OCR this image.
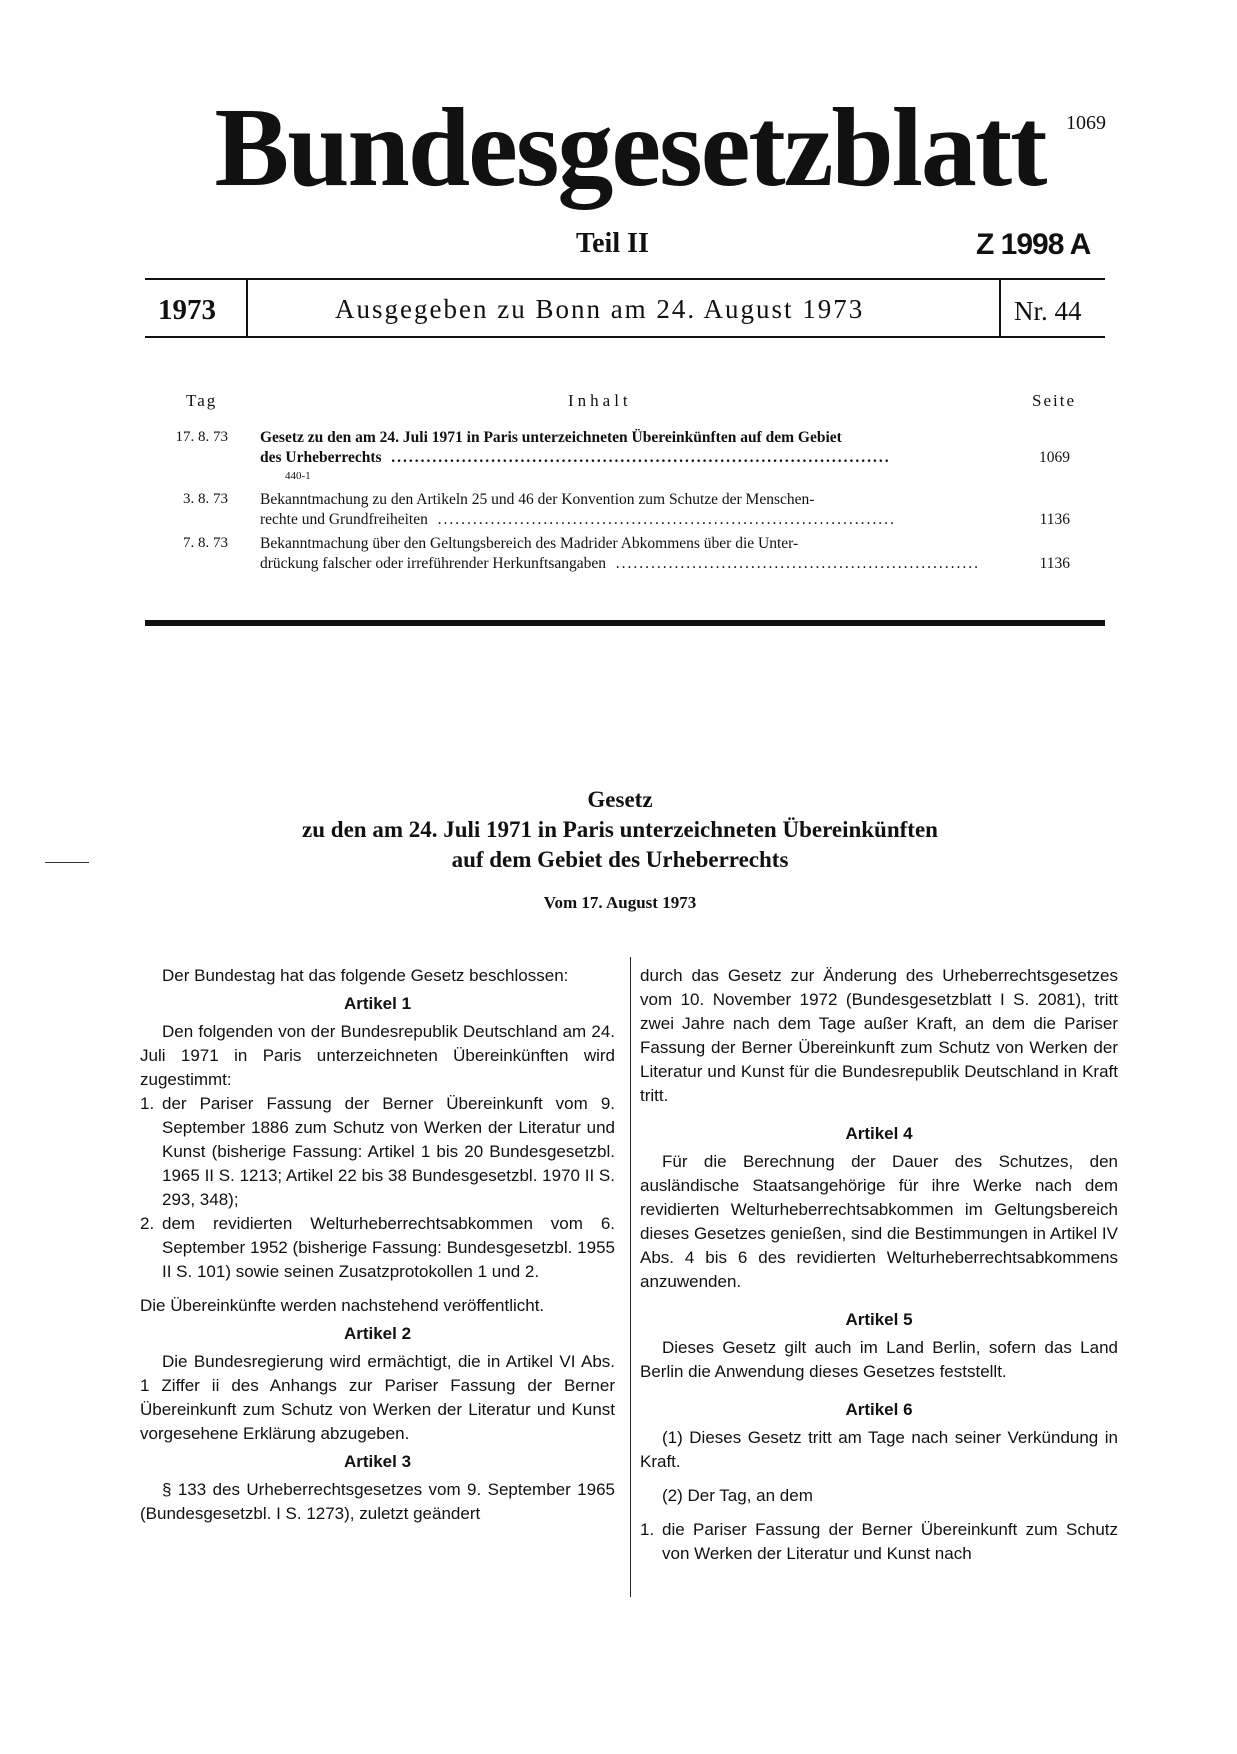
Bundesgesetzblatt	1069
Teil II	Z 1998 A
1973	Ausgegeben zu Bonn am 24. August 1973	Nr. 44
Tag	Inhalt	Seite
17. 8. 73 Gesetz zu den am 24. Juli 1971 in Paris unterzeichneten Übereinkünften auf dem Gebiet
des Urheberrechts  .....................................................................................	1069
440-1
3. 8. 73 Bekanntmachung zu den Artikeln 25 und 46 der Konvention zum Schutze der Menschen-
rechte und Grundfreiheiten  ..............................................................................	1136
7. 8. 73 Bekanntmachung über den Geltungsbereich des Madrider Abkommens über die Unter-
drückung falscher oder irreführender Herkunftsangaben  ..............................................................	1136
Gesetz
zu den am 24. Juli 1971 in Paris unterzeichneten Übereinkünften
auf dem Gebiet des Urheberrechts
Vom 17. August 1973

Der Bundestag hat das folgende Gesetz beschlossen:

Artikel 1

Den folgenden von der Bundesrepublik Deutschland am 24. Juli 1971 in Paris unterzeichneten Übereinkünften wird zugestimmt:

1. der Pariser Fassung der Berner Übereinkunft vom 9. September 1886 zum Schutz von Werken der Literatur und Kunst (bisherige Fassung: Artikel 1 bis 20 Bundesgesetzbl. 1965 II S. 1213; Artikel 22 bis 38 Bundesgesetzbl. 1970 II S. 293, 348);
2. dem revidierten Welturheberrechtsabkommen vom 6. September 1952 (bisherige Fassung: Bundesgesetzbl. 1955 II S. 101) sowie seinen Zusatzprotokollen 1 und 2.

Die Übereinkünfte werden nachstehend veröffentlicht.

Artikel 2

Die Bundesregierung wird ermächtigt, die in Artikel VI Abs. 1 Ziffer ii des Anhangs zur Pariser Fassung der Berner Übereinkunft zum Schutz von Werken der Literatur und Kunst vorgesehene Erklärung abzugeben.

Artikel 3

§ 133 des Urheberrechtsgesetzes vom 9. September 1965 (Bundesgesetzbl. I S. 1273), zuletzt geändert

durch das Gesetz zur Änderung des Urheberrechtsgesetzes vom 10. November 1972 (Bundesgesetzblatt I S. 2081), tritt zwei Jahre nach dem Tage außer Kraft, an dem die Pariser Fassung der Berner Übereinkunft zum Schutz von Werken der Literatur und Kunst für die Bundesrepublik Deutschland in Kraft tritt.

Artikel 4

Für die Berechnung der Dauer des Schutzes, den ausländische Staatsangehörige für ihre Werke nach dem revidierten Welturheberrechtsabkommen im Geltungsbereich dieses Gesetzes genießen, sind die Bestimmungen in Artikel IV Abs. 4 bis 6 des revidierten Welturheberrechtsabkommens anzuwenden.

Artikel 5

Dieses Gesetz gilt auch im Land Berlin, sofern das Land Berlin die Anwendung dieses Gesetzes feststellt.

Artikel 6

(1) Dieses Gesetz tritt am Tage nach seiner Verkündung in Kraft.

(2) Der Tag, an dem

1. die Pariser Fassung der Berner Übereinkunft zum Schutz von Werken der Literatur und Kunst nach
